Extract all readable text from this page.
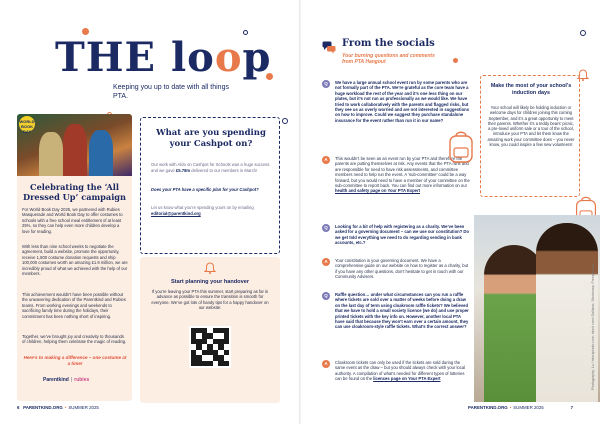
THE loop
Keeping you up to date with all things PTA.
WORLD BOOK DAY
Celebrating the ‘All Dressed Up’ campaign
For World Book Day 2025, we partnered with Rubies Masquerade and World Book Day to offer costumes to schools with a free school meal entitlement of at least 25%, so they can help even more children develop a love for reading.
With less than nine school weeks to negotiate the agreement, build a website, promote the opportunity, receive 1,800 costume donation requests and ship 100,000 costumes worth an amazing £1.9 million, we are incredibly proud of what we achieved with the help of our members.
This achievement wouldn’t have been possible without the unwavering dedication of the Parentkind and Rubies teams. From working evenings and weekends to sacrificing family time during the holidays, their commitment has been nothing short of inspiring.
Together, we’ve brought joy and creativity to thousands of children, helping them celebrate the magic of reading.
Here’s to making a difference – one costume at a time!
Parentkind | rubies
What are you spending your Cashpot on?
Our work with Aldo on Cashpot for Schools was a huge success and we gave £5.78m delivered to our members in March!
Does your PTA have a specific plan for your Cashpot?
Let us know what you’re spending yours on by emailing editorial@parentkind.org
Start planning your handover
If you’re leaving your PTA this summer, start preparing as far in advance as possible to ensure the transition is smooth for everyone. We’ve got lots of handy tips for a happy handover on our website:
6 PARENTKIND.ORG • SUMMER 2025
From the socials
Your burning questions and comments from PTA Hangout
Q	We have a large annual school event run by some parents who are not formally part of the PTA. We’re grateful as the core team have a huge workload the rest of the year and it’s one less thing on our plates, but it’s not run as professionally as we would like. We have tried to work collaboratively with the parents and flagged risks, but they see us as overly worried and are not interested in suggestions on how to improve. Could we suggest they purchase standalone insurance for the event rather than run it in our name?
A	This wouldn’t be seen as an event run by your PTA and therefore the parents are putting themselves at risk. Any events that the PTA runs and are responsible for need to have risk assessments, and committee members need to help run the event. A ‘sub-committee’ could be a way forward, but you would need to have a member of your committee on the sub-committee to report back. You can find out more information on our health and safety page on Your PTA Expert
Q	Looking for a bit of help with registering as a charity. We’ve been asked for a governing document – can we use our constitution? Do we get told everything we need to do regarding sending in bank accounts, etc.?
A	Your constitution is your governing document. We have a comprehensive guide on our website on how to register as a charity, but if you have any other questions, don’t hesitate to get in touch with our Community Advisers.
Q	Raffle question… under what circumstances can you run a raffle where tickets are sold over a matter of weeks before doing a draw on the last day of term using cloakroom raffle tickets? We believed that we have to hold a small society licence (we do) and use proper printed tickets with the key info on. However, another local PTA have said that because they won’t earn over a certain amount, they can use cloakroom-style raffle tickets. What’s the correct answer?
A	Cloakroom tickets can only be used if the tickets are sold during the same event as the draw – but you should always check with your local authority. A compilation of what’s needed for different types of lotteries can be found on the licences page on Your PTA Expert
Make the most of your school’s induction days
Your school will likely be holding induction or welcome days for children joining this coming September, and it’s a great opportunity to meet their parents. Whether it’s a teddy bears’ picnic, a pre-loved uniform sale or a tour of the school, introduce your PTA and let them know the amazing work your committee does – you never know, you could inspire a few new volunteers!
Photography: Lo / istockphoto.com; stock.com/ Galliano; Stocksnap; Freepik.com
PARENTKIND.ORG • SUMMER 2025	7
